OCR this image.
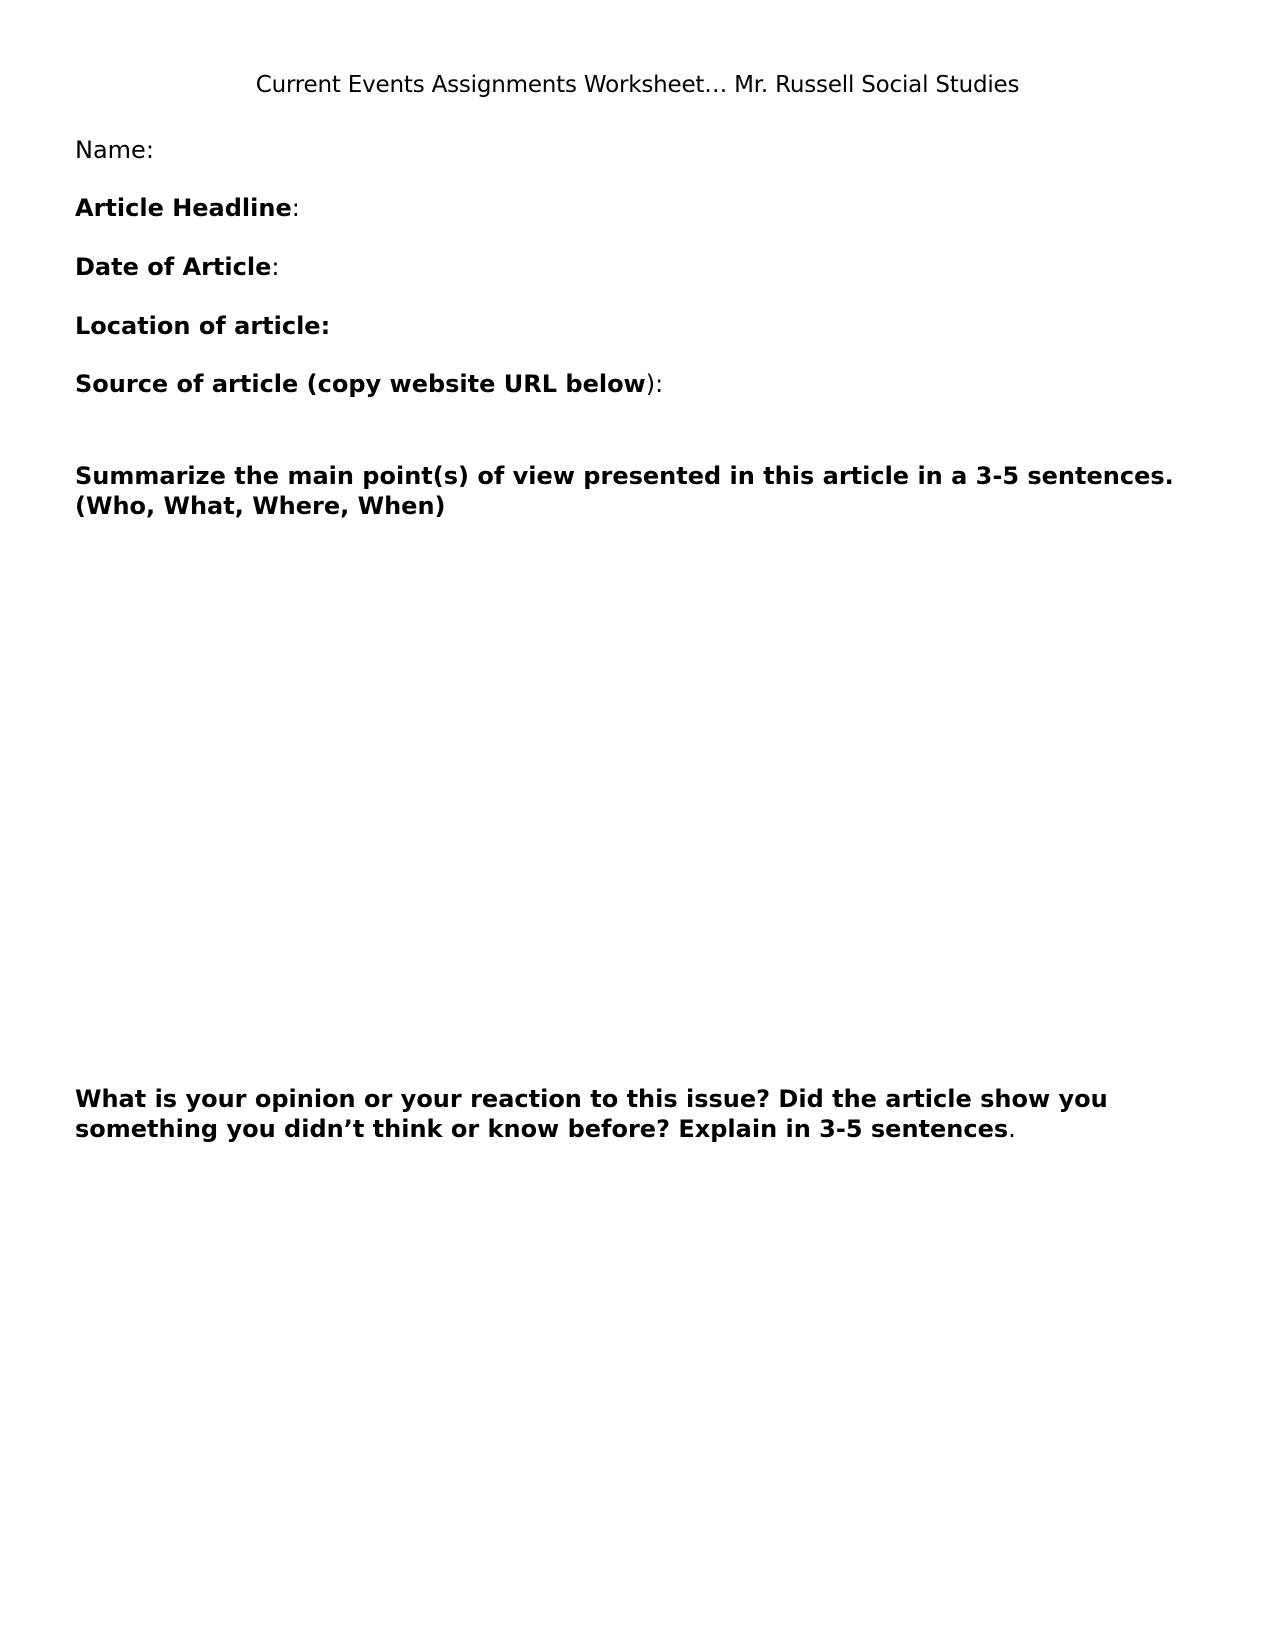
Current Events Assignments Worksheet… Mr. Russell Social Studies
Name:
Article Headline:
Date of Article:
Location of article:
Source of article (copy website URL below):
Summarize the main point(s) of view presented in this article in a 3-5 sentences. (Who, What, Where, When)
What is your opinion or your reaction to this issue? Did the article show you something you didn’t think or know before? Explain in 3-5 sentences.
